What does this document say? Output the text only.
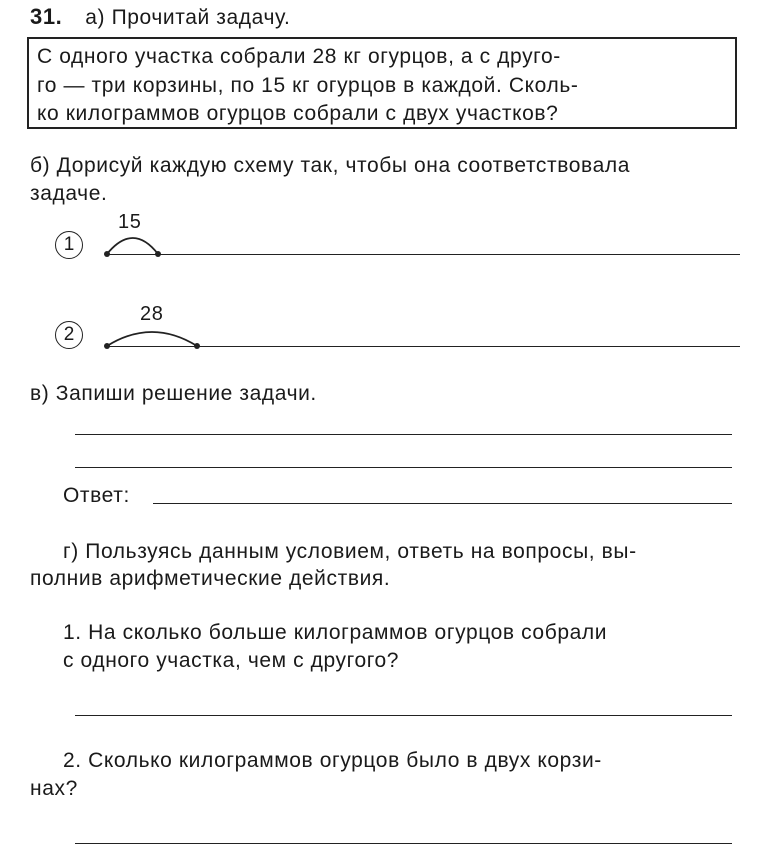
31. а) Прочитай задачу.
С одного участка собрали 28 кг огурцов, а с друго-
го — три корзины, по 15 кг огурцов в каждой. Сколь-
ко килограммов огурцов собрали с двух участков?
б) Дорисуй каждую схему так, чтобы она соответствовала
задаче.
1
15
2
28
в) Запиши решение задачи.
Ответ:
г) Пользуясь данным условием, ответь на вопросы, вы-
полнив арифметические действия.
1. На сколько больше килограммов огурцов собрали
с одного участка, чем с другого?
2. Сколько килограммов огурцов было в двух корзи-
нах?
